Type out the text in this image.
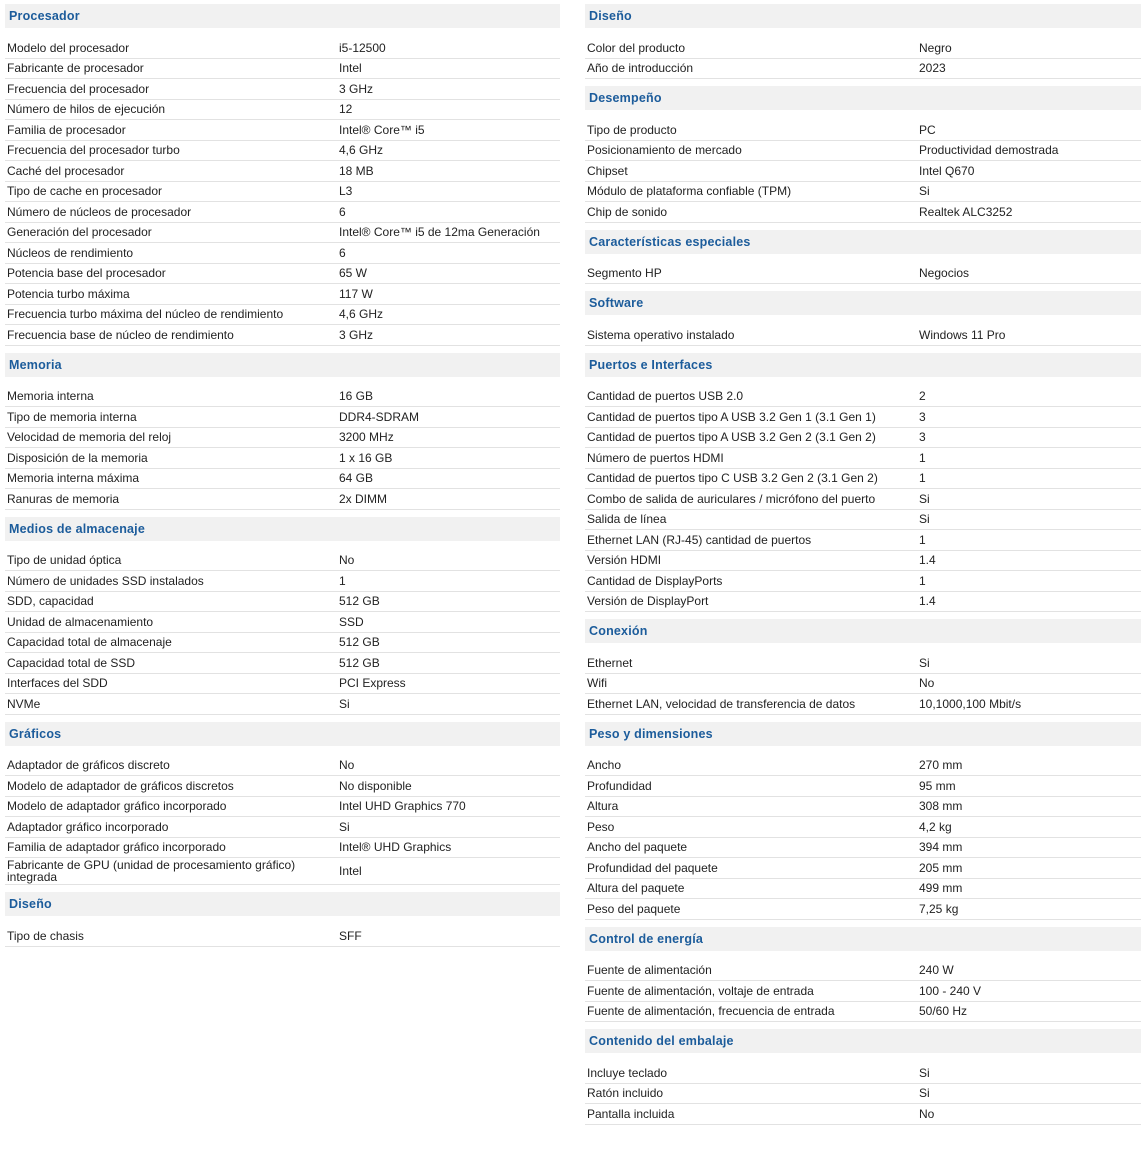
Procesador
Modelo del procesador	i5-12500
Fabricante de procesador	Intel
Frecuencia del procesador	3 GHz
Número de hilos de ejecución	12
Familia de procesador	Intel® Core™ i5
Frecuencia del procesador turbo	4,6 GHz
Caché del procesador	18 MB
Tipo de cache en procesador	L3
Número de núcleos de procesador	6
Generación del procesador	Intel® Core™ i5 de 12ma Generación
Núcleos de rendimiento	6
Potencia base del procesador	65 W
Potencia turbo máxima	117 W
Frecuencia turbo máxima del núcleo de rendimiento	4,6 GHz
Frecuencia base de núcleo de rendimiento	3 GHz
Memoria
Memoria interna	16 GB
Tipo de memoria interna	DDR4-SDRAM
Velocidad de memoria del reloj	3200 MHz
Disposición de la memoria	1 x 16 GB
Memoria interna máxima	64 GB
Ranuras de memoria	2x DIMM
Medios de almacenaje
Tipo de unidad óptica	No
Número de unidades SSD instalados	1
SDD, capacidad	512 GB
Unidad de almacenamiento	SSD
Capacidad total de almacenaje	512 GB
Capacidad total de SSD	512 GB
Interfaces del SDD	PCI Express
NVMe	Si
Gráficos
Adaptador de gráficos discreto	No
Modelo de adaptador de gráficos discretos	No disponible
Modelo de adaptador gráfico incorporado	Intel UHD Graphics 770
Adaptador gráfico incorporado	Si
Familia de adaptador gráfico incorporado	Intel® UHD Graphics
Fabricante de GPU (unidad de procesamiento gráfico) integrada	Intel
Diseño
Tipo de chasis	SFF
Diseño
Color del producto	Negro
Año de introducción	2023
Desempeño
Tipo de producto	PC
Posicionamiento de mercado	Productividad demostrada
Chipset	Intel Q670
Módulo de plataforma confiable (TPM)	Si
Chip de sonido	Realtek ALC3252
Características especiales
Segmento HP	Negocios
Software
Sistema operativo instalado	Windows 11 Pro
Puertos e Interfaces
Cantidad de puertos USB 2.0	2
Cantidad de puertos tipo A USB 3.2 Gen 1 (3.1 Gen 1)	3
Cantidad de puertos tipo A USB 3.2 Gen 2 (3.1 Gen 2)	3
Número de puertos HDMI	1
Cantidad de puertos tipo C USB 3.2 Gen 2 (3.1 Gen 2)	1
Combo de salida de auriculares / micrófono del puerto	Si
Salida de línea	Si
Ethernet LAN (RJ-45) cantidad de puertos	1
Versión HDMI	1.4
Cantidad de DisplayPorts	1
Versión de DisplayPort	1.4
Conexión
Ethernet	Si
Wifi	No
Ethernet LAN, velocidad de transferencia de datos	10,1000,100 Mbit/s
Peso y dimensiones
Ancho	270 mm
Profundidad	95 mm
Altura	308 mm
Peso	4,2 kg
Ancho del paquete	394 mm
Profundidad del paquete	205 mm
Altura del paquete	499 mm
Peso del paquete	7,25 kg
Control de energía
Fuente de alimentación	240 W
Fuente de alimentación, voltaje de entrada	100 - 240 V
Fuente de alimentación, frecuencia de entrada	50/60 Hz
Contenido del embalaje
Incluye teclado	Si
Ratón incluido	Si
Pantalla incluida	No
